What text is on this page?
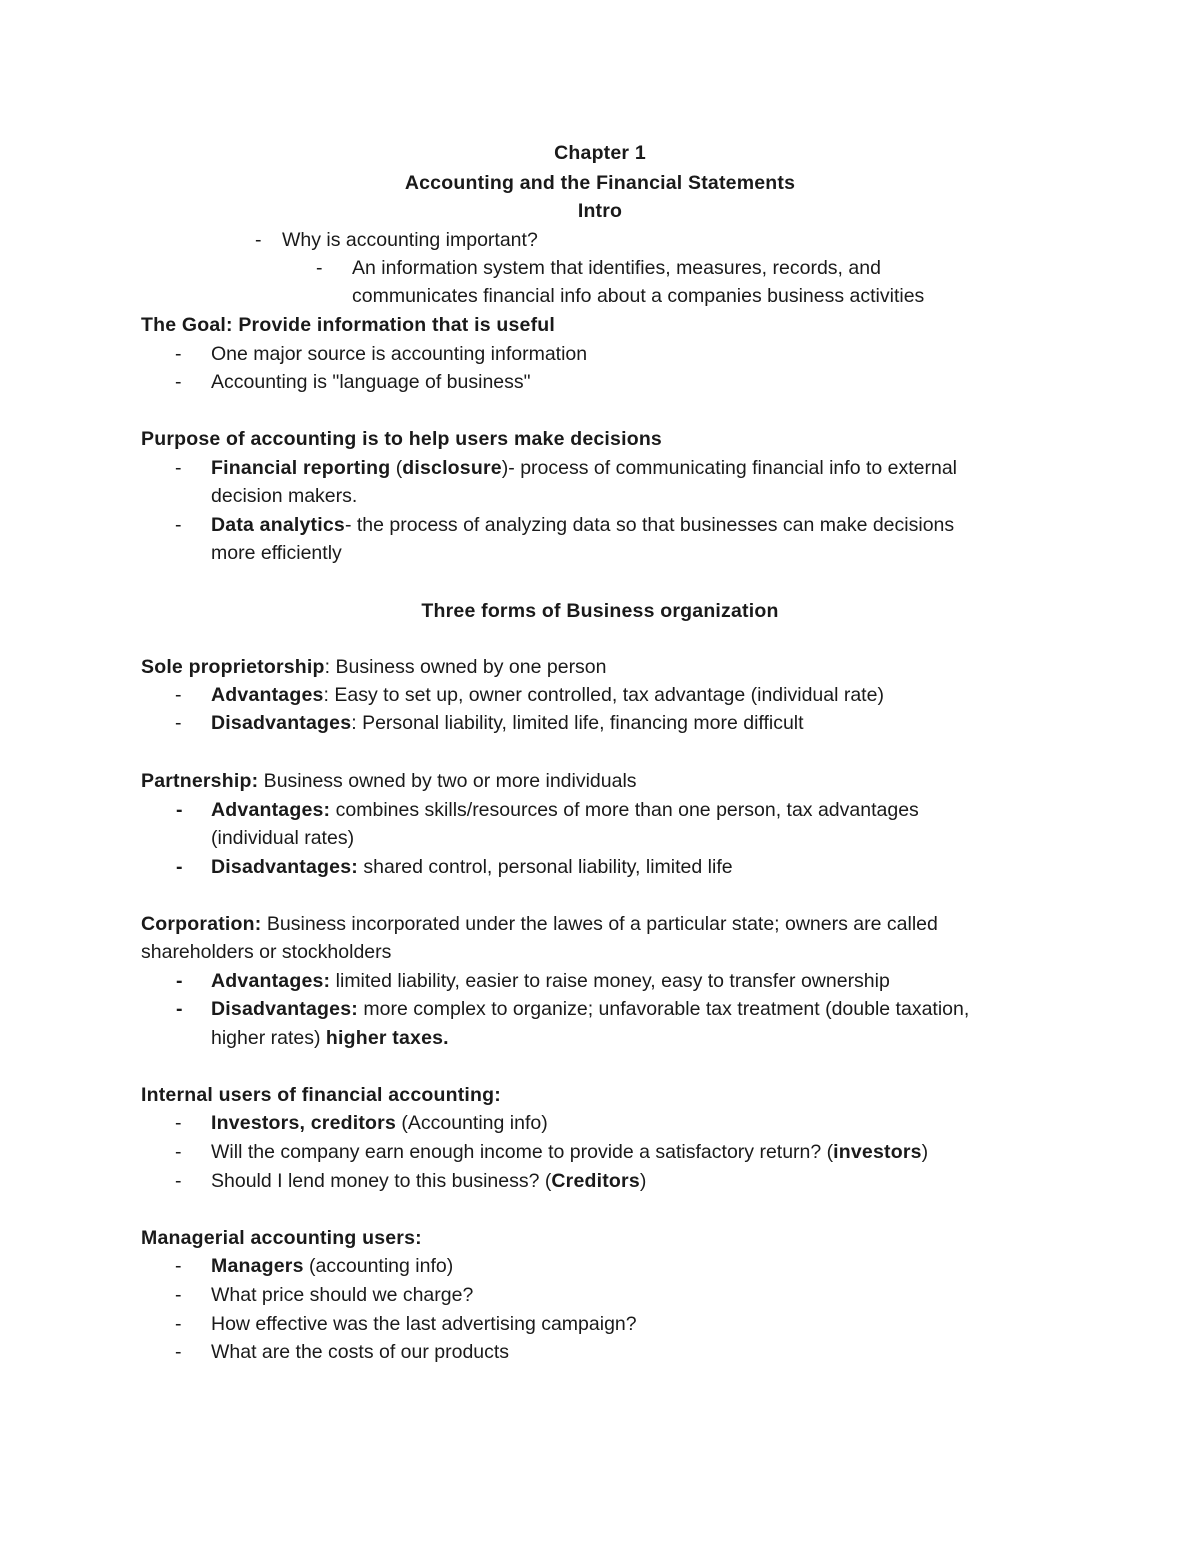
Chapter 1
Accounting and the Financial Statements
Intro
- Why is accounting important?
- An information system that identifies, measures, records, and
communicates financial info about a companies business activities
The Goal: Provide information that is useful
- One major source is accounting information
- Accounting is "language of business"
Purpose of accounting is to help users make decisions
- Financial reporting (disclosure)- process of communicating financial info to external
decision makers.
- Data analytics- the process of analyzing data so that businesses can make decisions
more efficiently
Three forms of Business organization
Sole proprietorship: Business owned by one person
- Advantages: Easy to set up, owner controlled, tax advantage (individual rate)
- Disadvantages: Personal liability, limited life, financing more difficult
Partnership: Business owned by two or more individuals
- Advantages: combines skills/resources of more than one person, tax advantages
(individual rates)
- Disadvantages: shared control, personal liability, limited life
Corporation: Business incorporated under the lawes of a particular state; owners are called
shareholders or stockholders
- Advantages: limited liability, easier to raise money, easy to transfer ownership
- Disadvantages: more complex to organize; unfavorable tax treatment (double taxation,
higher rates) higher taxes.
Internal users of financial accounting:
- Investors, creditors (Accounting info)
- Will the company earn enough income to provide a satisfactory return? (investors)
- Should I lend money to this business? (Creditors)
Managerial accounting users:
- Managers (accounting info)
- What price should we charge?
- How effective was the last advertising campaign?
- What are the costs of our products
